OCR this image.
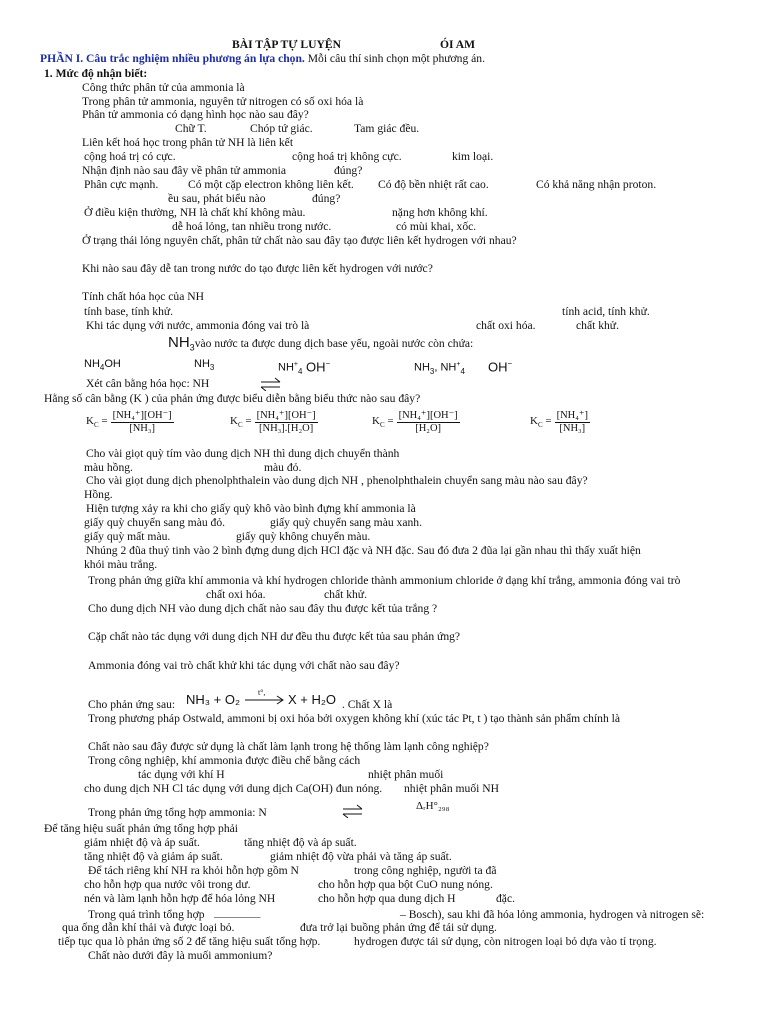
BÀI TẬP TỰ LUYỆN	ÓI AM
PHẦN I. Câu trắc nghiệm nhiều phương án lựa chọn. Mỗi câu thí sinh chọn một phương án.
1. Mức độ nhận biết:
Công thức phân tử của ammonia là
Trong phân tử ammonia, nguyên tử nitrogen có số oxi hóa là
Phân tử ammonia có dạng hình học nào sau đây?
Chữ T.	Chóp tứ giác.	Tam giác đều.
Liên kết hoá học trong phân tử NH là liên kết
cộng hoá trị có cực.	cộng hoá trị không cực.	kim loại.
Nhận định nào sau đây về phân tử ammonia	đúng?
Phân cực mạnh.	Có một cặp electron không liên kết. Có độ bền nhiệt rất cao.	Có khả năng nhận proton.
ều sau, phát biểu nào	đúng?
Ở điều kiện thường, NH là chất khí không màu.	nặng hơn không khí.
dễ hoá lỏng, tan nhiều trong nước.	có mùi khai, xốc.
Ở trạng thái lỏng nguyên chất, phân tử chất nào sau đây tạo được liên kết hydrogen với nhau?
Khi nào sau đây dễ tan trong nước do tạo được liên kết hydrogen với nước?
Tính chất hóa học của NH
tính base, tính khử.	tính acid, tính khử.
Khi tác dụng với nước, ammonia đóng vai trò là	chất oxi hóa.	chất khử.
$NH_3vào$ nước ta được dung dịch base yếu, ngoài nước còn chứa:
$NH_4OH$	$NH_3$	$NH^+_4$ OH−	$NH_3$, $NH^+_4$ OH−
Xét cân bằng hóa học: NH
Hằng số cân bằng (K ) của phản ứng được biểu diễn bằng biểu thức nào sau đây?
$K_C = \frac{\text{[NH₄⁺][OH⁻]}}{\text{[NH₃]}}$	$K_C = \frac{\text{[NH₄⁺][OH⁻]}}{\text{[NH₃].[H₂O]}}$	$K_C = \frac{\text{[NH₄⁺][OH⁻]}}{\text{[H₂O]}}$	$K_C = \frac{\text{[NH₄⁺]}}{\text{[NH₃]}}$
Cho vài giọt quỳ tím vào dung dịch NH thì dung dịch chuyển thành
màu hồng.	màu đỏ.
Cho vài giọt dung dịch phenolphthalein vào dung dịch NH , phenolphthalein chuyển sang màu nào sau đây?
Hồng.
Hiện tượng xảy ra khi cho giấy quỳ khô vào bình đựng khí ammonia là
giấy quỳ chuyển sang màu đỏ.	giấy quỳ chuyển sang màu xanh.
giấy quỳ mất màu.	giấy quỳ không chuyển màu.
Nhúng 2 đũa thuỷ tinh vào 2 bình đựng dung dịch HCl đặc và NH đặc. Sau đó đưa 2 đũa lại gần nhau thì thấy xuất hiện
khói màu trắng.
Trong phản ứng giữa khí ammonia và khí hydrogen chloride thành ammonium chloride ở dạng khí trắng, ammonia đóng vai trò
chất oxi hóa.	chất khử.
Cho dung dịch NH vào dung dịch chất nào sau đây thu được kết tủa trắng ?
Cặp chất nào tác dụng với dung dịch NH dư đều thu được kết tủa sau phản ứng?
Ammonia đóng vai trò chất khử khi tác dụng với chất nào sau đây?
Cho phản ứng sau: NH₃ + O₂ t°, → X + H₂O . Chất X là
Trong phương pháp Ostwald, ammoni bị oxi hóa bởi oxygen không khí (xúc tác Pt, t ) tạo thành sản phẩm chính là
Chất nào sau đây được sử dụng là chất làm lạnh trong hệ thống làm lạnh công nghiệp?
Trong công nghiệp, khí ammonia được điều chế bằng cách
tác dụng với khí H	nhiệt phân muối
cho dung dịch NH Cl tác dụng với dung dịch Ca(OH) đun nóng. nhiệt phân muối NH
Trong phản ứng tổng hợp ammonia: N	ΔᵣH°₂₉₈
Để tăng hiệu suất phản ứng tổng hợp phải
giảm nhiệt độ và áp suất.	tăng nhiệt độ và áp suất.
tăng nhiệt độ và giảm áp suất.	giảm nhiệt độ vừa phải và tăng áp suất.
Để tách riêng khí NH ra khỏi hỗn hợp gồm N	trong công nghiệp, người ta đã
cho hỗn hợp qua nước vôi trong dư.	cho hỗn hợp qua bột CuO nung nóng.
nén và làm lạnh hỗn hợp để hóa lỏng NH	cho hỗn hợp qua dung dịch H	đặc.
Trong quá trình tổng hợp ________	– Bosch), sau khi đã hóa lỏng ammonia, hydrogen và nitrogen sẽ:
qua ống dẫn khí thải và được loại bỏ.	đưa trở lại buồng phản ứng để tái sử dụng.
tiếp tục qua lò phản ứng số 2 để tăng hiệu suất tổng hợp.	hydrogen được tái sử dụng, còn nitrogen loại bỏ dựa vào tỉ trọng.
Chất nào dưới đây là muối ammonium?
